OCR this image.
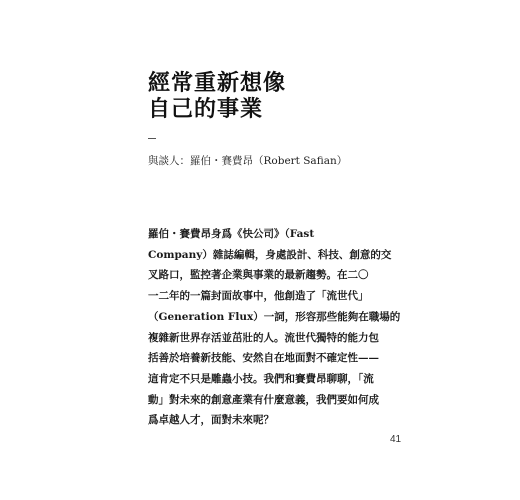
經常重新想像
自己的事業
與談人：羅伯・賽費昂（Robert Safian）
羅伯・賽費昂身爲《快公司》（Fast
Company）雜誌編輯，身處設計、科技、創意的交
叉路口，監控著企業與事業的最新趨勢。在二〇
一二年的一篇封面故事中，他創造了「流世代」
（Generation Flux）一詞，形容那些能夠在職場的
複雜新世界存活並茁壯的人。流世代獨特的能力包
括善於培養新技能、安然自在地面對不確定性——
這肯定不只是雕蟲小技。我們和賽費昂聊聊，「流
動」對未來的創意產業有什麼意義，我們要如何成
爲卓越人才，面對未來呢？
41
